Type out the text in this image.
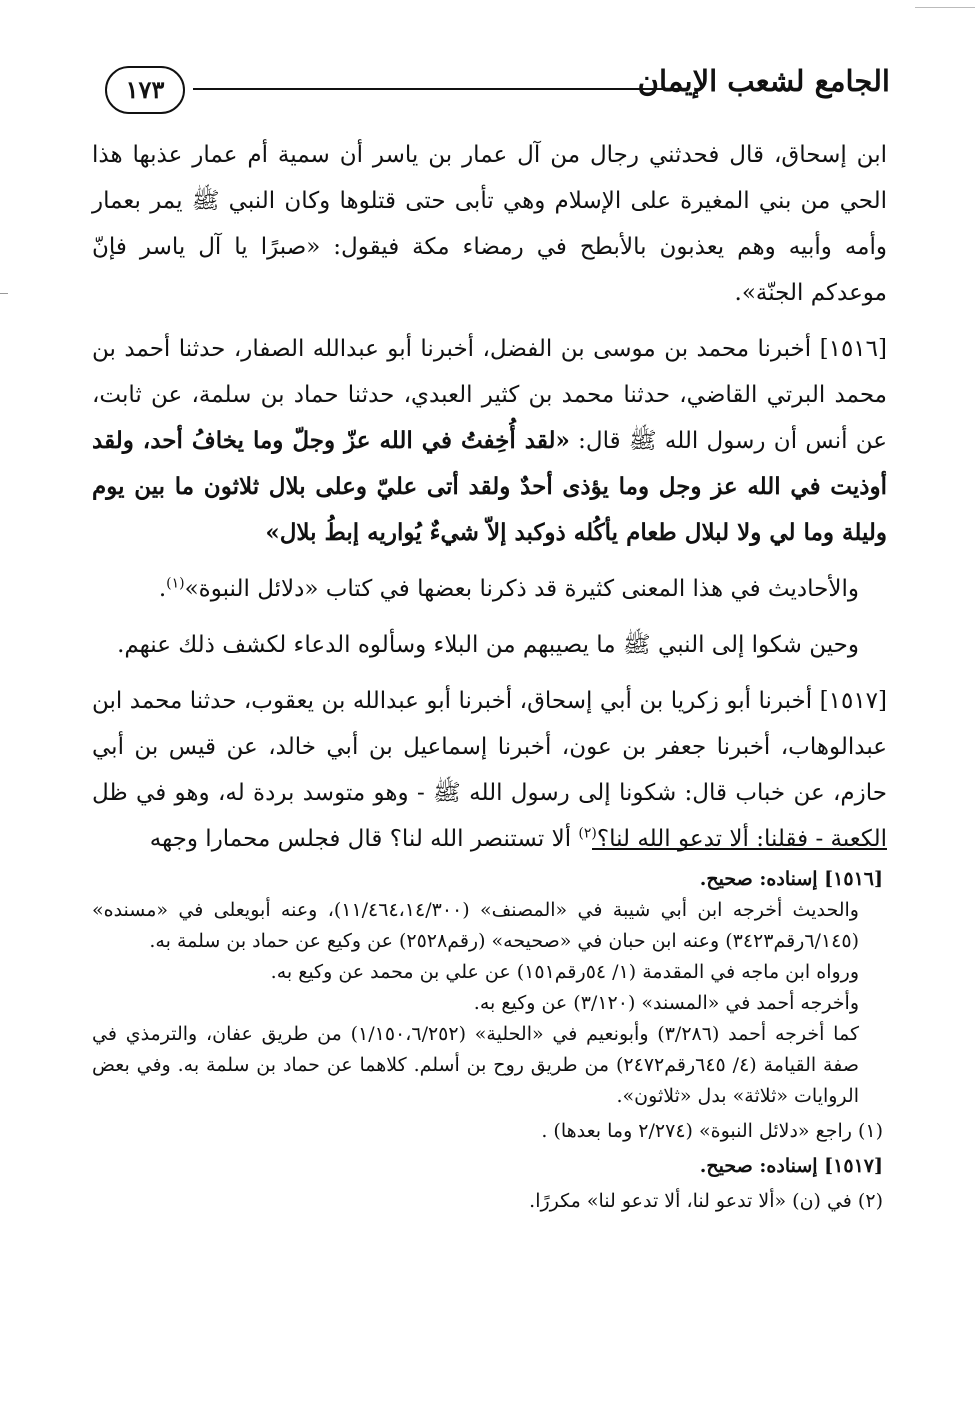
الجامع لشعب الإيمان
١٧٣

ابن إسحاق، قال فحدثني رجال من آل عمار بن ياسر أن سمية أم عمار عذبها هذا الحي من بني المغيرة على الإسلام وهي تأبى حتى قتلوها وكان النبي ﷺ يمر بعمار وأمه وأبيه وهم يعذبون بالأبطح في رمضاء مكة فيقول: «صبرًا يا آل ياسر فإنّ موعدكم الجنّة».

[١٥١٦] أخبرنا محمد بن موسى بن الفضل، أخبرنا أبو عبدالله الصفار، حدثنا أحمد بن محمد البرتي القاضي، حدثنا محمد بن كثير العبدي، حدثنا حماد بن سلمة، عن ثابت، عن أنس أن رسول الله ﷺ قال: «لقد أُخِفتُ في الله عزّ وجلّ وما يخافُ أحد، ولقد أوذيت في الله عز وجل وما يؤذى أحدٌ ولقد أتى عليّ وعلى بلال ثلاثون ما بين يوم وليلة وما لي ولا لبلال طعام يأكُله ذوكبد إلاّ شيءٌ يُواريه إبطُ بلال»

والأحاديث في هذا المعنى كثيرة قد ذكرنا بعضها في كتاب «دلائل النبوة»$^{(١)}$.

وحين شكوا إلى النبي ﷺ ما يصيبهم من البلاء وسألوه الدعاء لكشف ذلك عنهم.

[١٥١٧] أخبرنا أبو زكريا بن أبي إسحاق، أخبرنا أبو عبدالله بن يعقوب، حدثنا محمد ابن عبدالوهاب، أخبرنا جعفر بن عون، أخبرنا إسماعيل بن أبي خالد، عن قيس بن أبي حازم، عن خباب قال: شكونا إلى رسول الله ﷺ - وهو متوسد بردة له، وهو في ظل الكعبة - فقلنا: ألا تدعو الله لنا؟$^{(٢)}$ ألا تستنصر الله لنا؟ قال فجلس محمارا وجهه

[١٥١٦] إسناده: صحيح.

والحديث أخرجه ابن أبي شيبة في «المصنف» (١١/٤٦٤،١٤/٣٠٠)، وعنه أبويعلى في «مسنده» (٦/١٤٥رقم٣٤٢٣) وعنه ابن حبان في «صحيحه» (رقم٢٥٢٨) عن وكيع عن حماد بن سلمة به.

ورواه ابن ماجه في المقدمة (١/ ٥٤رقم١٥١) عن علي بن محمد عن وكيع به.

وأخرجه أحمد في «المسند» (٣/١٢٠) عن وكيع به.

كما أخرجه أحمد (٣/٢٨٦) وأبونعيم في «الحلية» (١/١٥٠،٦/٢٥٢) من طريق عفان، والترمذي في صفة القيامة (٤/ ٦٤٥رقم٢٤٧٢) من طريق روح بن أسلم. كلاهما عن حماد بن سلمة به. وفي بعض الروايات «ثلاثة» بدل «ثلاثون».

(١) راجع «دلائل النبوة» (٢/٢٧٤ وما بعدها) .

[١٥١٧] إسناده: صحيح.

(٢) في (ن) «ألا تدعو لنا، ألا تدعو لنا» مكررًا.
